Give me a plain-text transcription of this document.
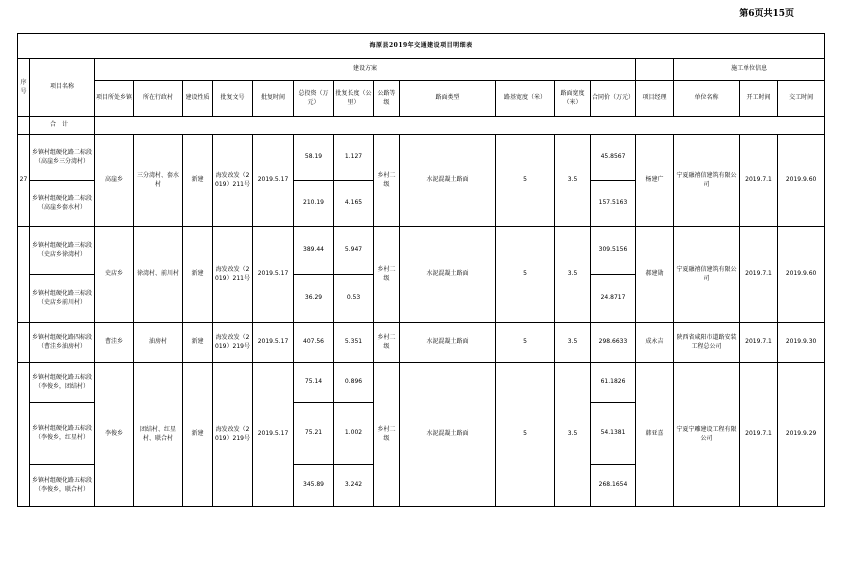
第6页共15页
海原县2019年交通建设项目明细表																	
序号	项目名称	建设方案													施工单位信息		
		项目所处乡镇	所在行政村	建设性质	批复文号	批复时间	总投资（万元）	批复长度（公里）	公路等级	路面类型	路基宽度（米）	路面宽度（米）	合同价（万元）	项目经理	单位名称	开工时间	交工时间
	合计																
27	乡镇村组硬化路二标段（高崖乡三分湾村）	高崖乡	三分湾村、套水村	新建	海发改发（2019）211号	2019.5.17	58.19	1.127	乡村二级	水泥混凝土路面	5	3.5	45.8567	杨建广	宁夏融禧信建筑有限公司	2019.7.1	2019.9.60
	乡镇村组硬化路二标段（高崖乡套水村）						210.19	4.165					157.5163				
	乡镇村组硬化路三标段（史店乡徐湾村）	史店乡	徐湾村、前川村	新建	海发改发（2019）211号	2019.5.17	389.44	5.947	乡村二级	水泥混凝土路面	5	3.5	309.5156	郝建勋	宁夏融禧信建筑有限公司	2019.7.1	2019.9.60
	乡镇村组硬化路三标段（史店乡前川村）						36.29	0.53					24.8717				
	乡镇村组硬化路四标段（曹洼乡油房村）	曹洼乡	油房村	新建	海发改发（2019）219号	2019.5.17	407.56	5.351	乡村二级	水泥混凝土路面	5	3.5	298.6633	成永吉	陕西省咸阳市道路安装工程总公司	2019.7.1	2019.9.30
	乡镇村组硬化路五标段（李俊乡，团结村）	李俊乡	团结村、红星村、联合村	新建	海发改发（2019）219号	2019.5.17	75.14	0.896	乡村二级	水泥混凝土路面	5	3.5	61.1826	韩亚喜	宁夏宁雕建设工程有限公司	2019.7.1	2019.9.29
	乡镇村组硬化路五标段（李俊乡，红星村）						75.21	1.002					54.1381				
	乡镇村组硬化路五标段（李俊乡，联合村）						345.89	3.242					268.1654				
